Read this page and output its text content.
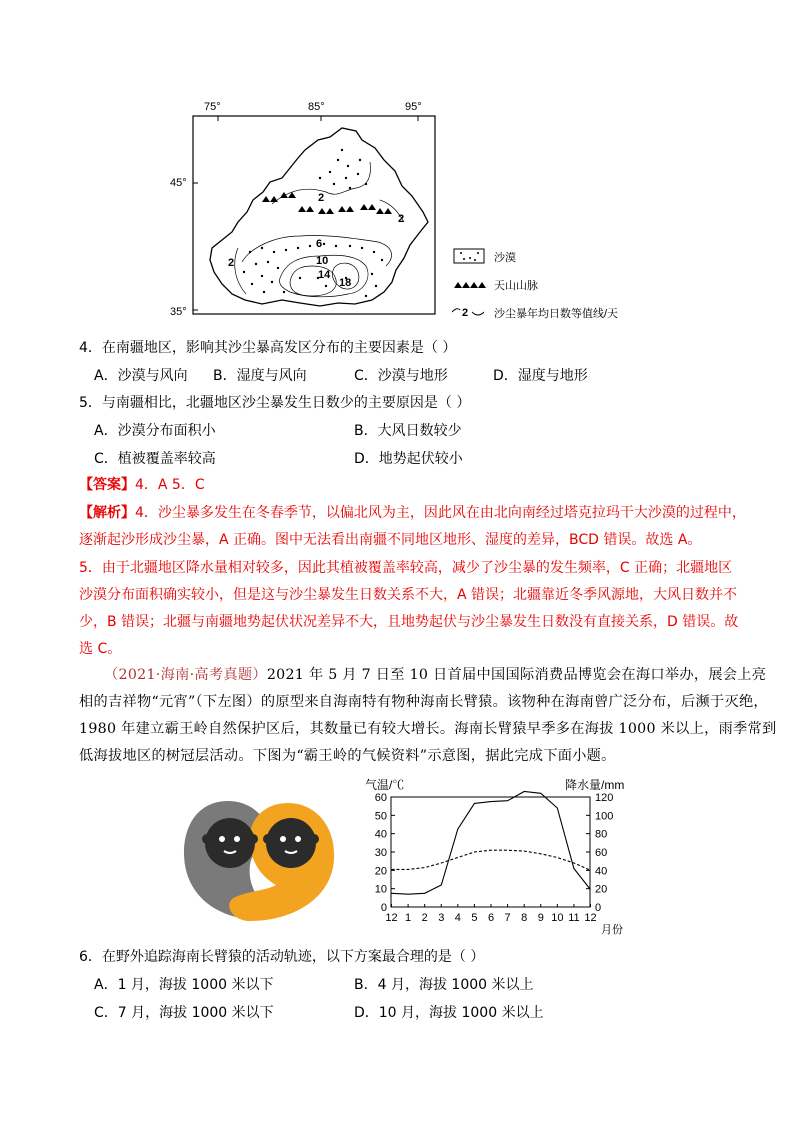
75°	85°	95°
45°
35°
2
2
2
6
10
14
18
沙漠
天山山脉
2 沙尘暴年均日数等值线/天
4．在南疆地区，影响其沙尘暴高发区分布的主要因素是（ ）
A．沙漠与风向 B．湿度与风向	C．沙漠与地形	D．湿度与地形
5．与南疆相比，北疆地区沙尘暴发生日数少的主要原因是（ ）
A．沙漠分布面积小	B．大风日数较少
C．植被覆盖率较高	D．地势起伏较小
【答案】4．A 5．C
【解析】4．沙尘暴多发生在冬春季节，以偏北风为主，因此风在由北向南经过塔克拉玛干大沙漠的过程中，
逐渐起沙形成沙尘暴，A 正确。图中无法看出南疆不同地区地形、湿度的差异，BCD 错误。故选 A。
5．由于北疆地区降水量相对较多，因此其植被覆盖率较高，减少了沙尘暴的发生频率，C 正确；北疆地区
沙漠分布面积确实较小，但是这与沙尘暴发生日数关系不大，A 错误；北疆靠近冬季风源地，大风日数并不
少，B 错误；北疆与南疆地势起伏状况差异不大，且地势起伏与沙尘暴发生日数没有直接关系，D 错误。故
选 C。
（2021·海南·高考真题）2021 年 5 月 7 日至 10 日首届中国国际消费品博览会在海口举办，展会上亮
相的吉祥物“元宵”（下左图）的原型来自海南特有物种海南长臂猿。该物种在海南曾广泛分布，后濒于灭绝，
1980 年建立霸王岭自然保护区后，其数量已有较大增长。海南长臂猿早季多在海拔 1000 米以上，雨季常到
低海拔地区的树冠层活动。下图为“霸王岭的气候资料”示意图，据此完成下面小题。
气温/℃	降水量/mm
0
10
20
30
40
50
60
0
20
40
60
80
100
120
12 1 2 3 4 5 6 7 8 9 10 11 12
月份
6．在野外追踪海南长臂猿的活动轨迹，以下方案最合理的是（ ）
A．1 月，海拔 1000 米以下	B．4 月，海拔 1000 米以上
C．7 月，海拔 1000 米以下	D．10 月，海拔 1000 米以上
